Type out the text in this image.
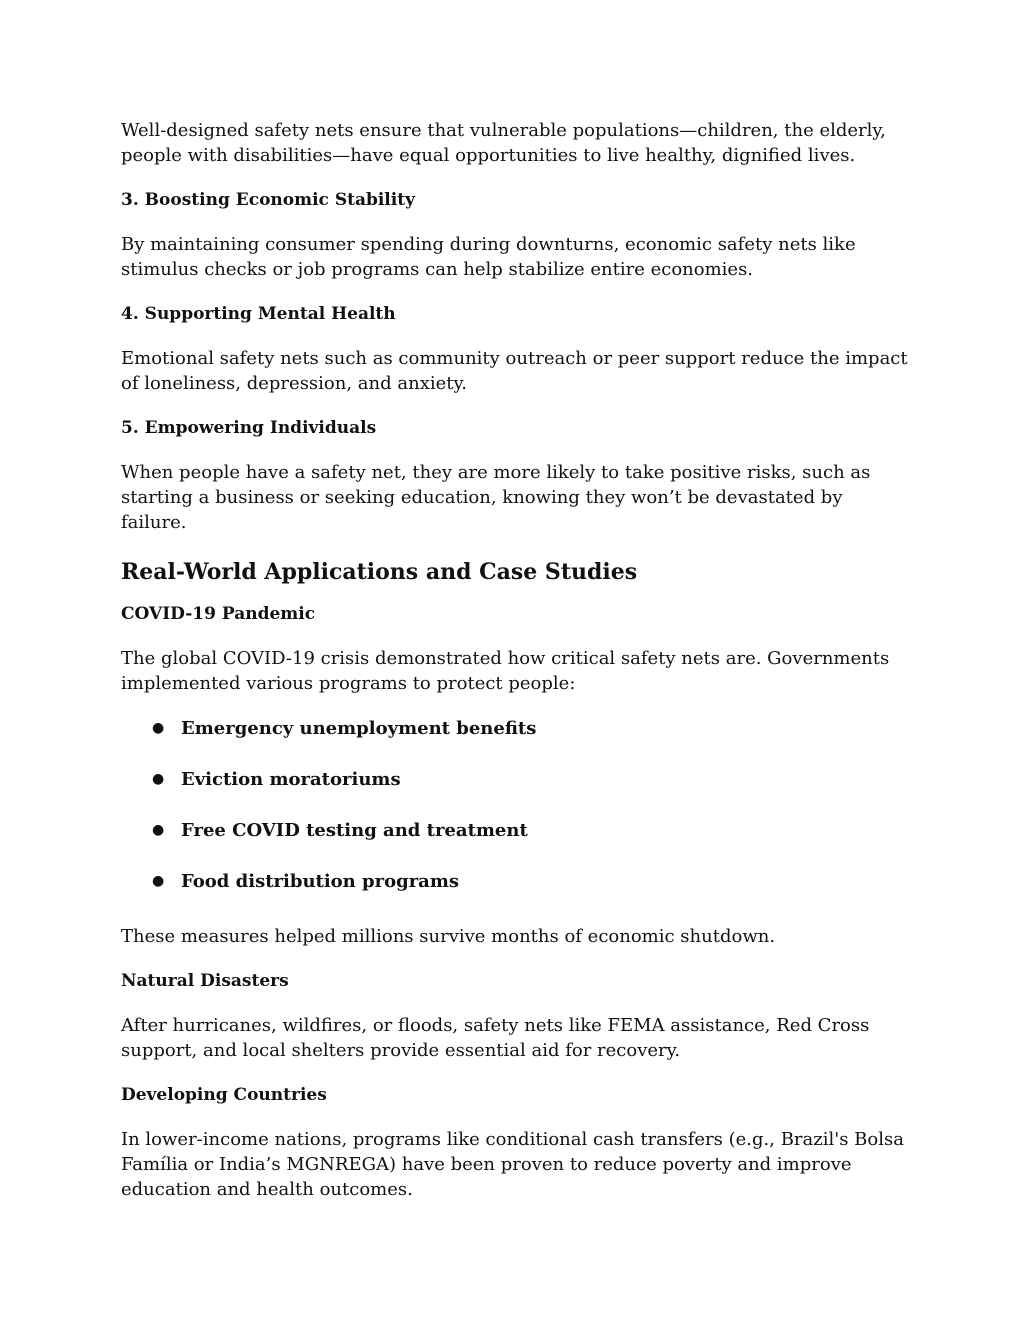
Well-designed safety nets ensure that vulnerable populations—children, the elderly, people with disabilities—have equal opportunities to live healthy, dignified lives.

3. Boosting Economic Stability

By maintaining consumer spending during downturns, economic safety nets like stimulus checks or job programs can help stabilize entire economies.

4. Supporting Mental Health

Emotional safety nets such as community outreach or peer support reduce the impact of loneliness, depression, and anxiety.

5. Empowering Individuals

When people have a safety net, they are more likely to take positive risks, such as starting a business or seeking education, knowing they won’t be devastated by failure.

Real-World Applications and Case Studies

COVID-19 Pandemic

The global COVID-19 crisis demonstrated how critical safety nets are. Governments implemented various programs to protect people:

● Emergency unemployment benefits
● Eviction moratoriums
● Free COVID testing and treatment
● Food distribution programs

These measures helped millions survive months of economic shutdown.

Natural Disasters

After hurricanes, wildfires, or floods, safety nets like FEMA assistance, Red Cross support, and local shelters provide essential aid for recovery.

Developing Countries

In lower-income nations, programs like conditional cash transfers (e.g., Brazil's Bolsa Família or India’s MGNREGA) have been proven to reduce poverty and improve education and health outcomes.
